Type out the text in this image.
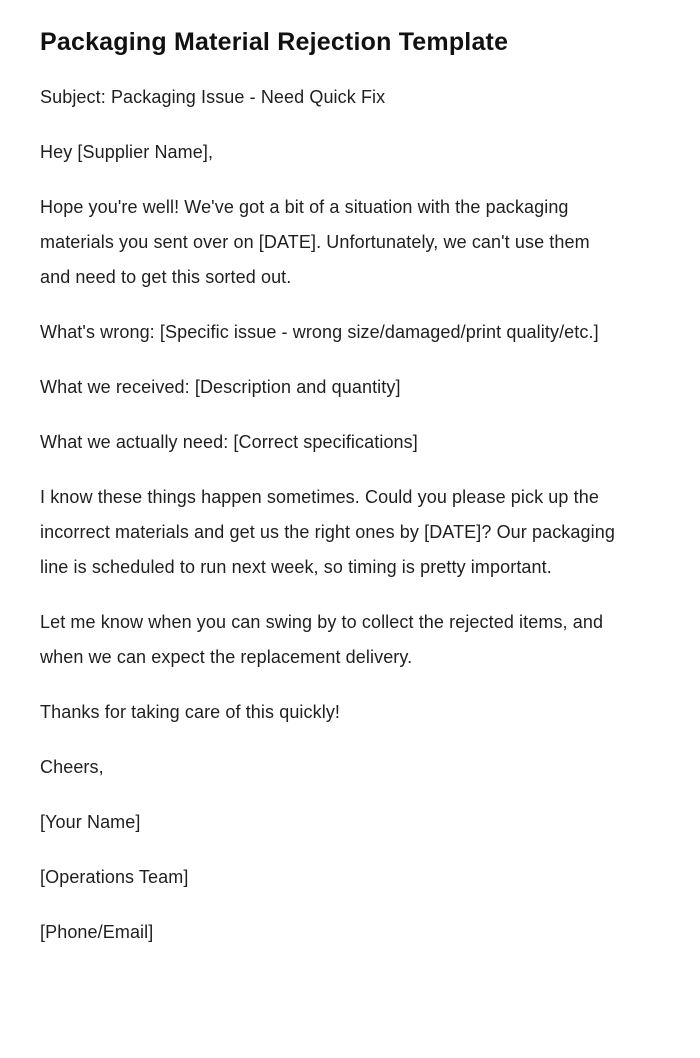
Packaging Material Rejection Template

Subject: Packaging Issue - Need Quick Fix

Hey [Supplier Name],

Hope you're well! We've got a bit of a situation with the packaging materials you sent over on [DATE]. Unfortunately, we can't use them and need to get this sorted out.

What's wrong: [Specific issue - wrong size/damaged/print quality/etc.]

What we received: [Description and quantity]

What we actually need: [Correct specifications]

I know these things happen sometimes. Could you please pick up the incorrect materials and get us the right ones by [DATE]? Our packaging line is scheduled to run next week, so timing is pretty important.

Let me know when you can swing by to collect the rejected items, and when we can expect the replacement delivery.

Thanks for taking care of this quickly!

Cheers,

[Your Name]

[Operations Team]

[Phone/Email]
